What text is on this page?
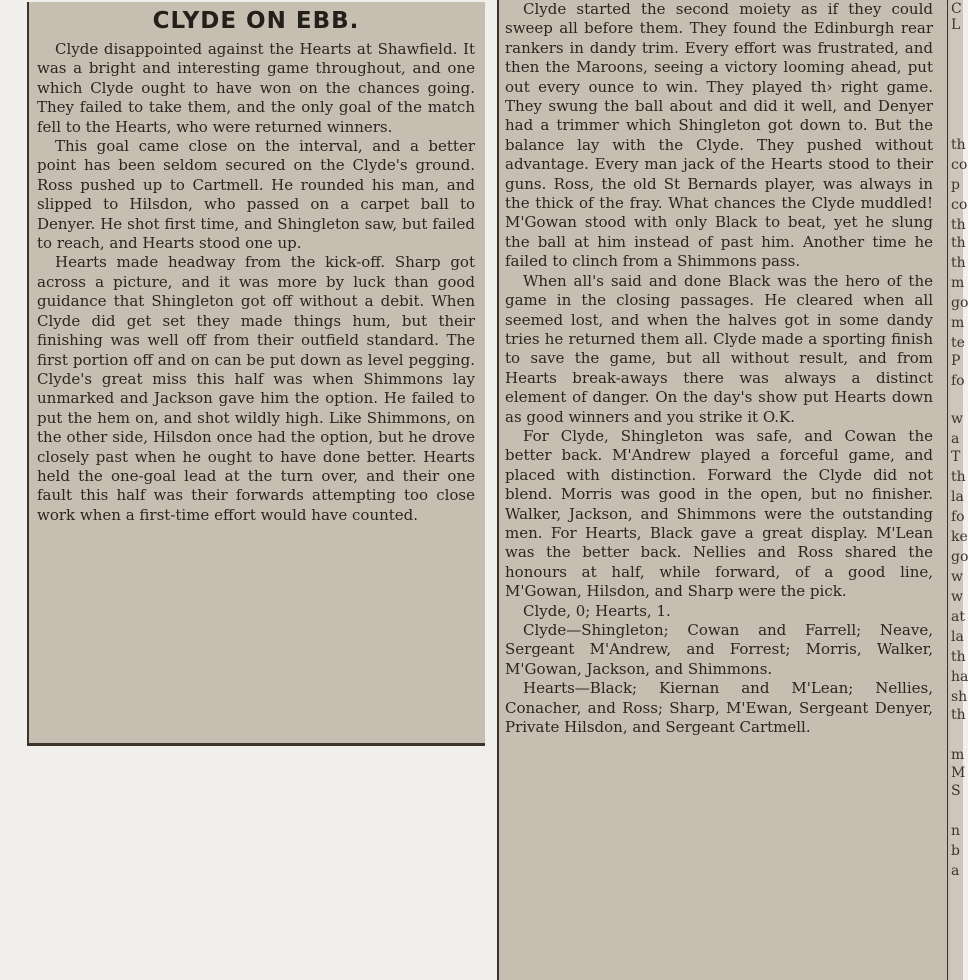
CLYDE ON EBB.

Clyde disappointed against the Hearts at Shawfield. It was a bright and interesting game throughout, and one which Clyde ought to have won on the chances going. They failed to take them, and the only goal of the match fell to the Hearts, who were returned winners.

This goal came close on the interval, and a better point has been seldom secured on the Clyde's ground. Ross pushed up to Cartmell. He rounded his man, and slipped to Hilsdon, who passed on a carpet ball to Denyer. He shot first time, and Shingleton saw, but failed to reach, and Hearts stood one up.

Hearts made headway from the kick-off. Sharp got across a picture, and it was more by luck than good guidance that Shingleton got off without a debit. When Clyde did get set they made things hum, but their finishing was well off from their outfield standard. The first portion off and on can be put down as level pegging. Clyde's great miss this half was when Shimmons lay unmarked and Jackson gave him the option. He failed to put the hem on, and shot wildly high. Like Shimmons, on the other side, Hilsdon once had the option, but he drove closely past when he ought to have done better. Hearts held the one-goal lead at the turn over, and their one fault this half was their forwards attempting too close work when a first-time effort would have counted.

Clyde started the second moiety as if they could sweep all before them. They found the Edinburgh rear rankers in dandy trim. Every effort was frustrated, and then the Maroons, seeing a victory looming ahead, put out every ounce to win. They played th› right game. They swung the ball about and did it well, and Denyer had a trimmer which Shingleton got down to. But the balance lay with the Clyde. They pushed without advantage. Every man jack of the Hearts stood to their guns. Ross, the old St Bernards player, was always in the thick of the fray. What chances the Clyde muddled! M'Gowan stood with only Black to beat, yet he slung the ball at him instead of past him. Another time he failed to clinch from a Shimmons pass.

When all's said and done Black was the hero of the game in the closing passages. He cleared when all seemed lost, and when the halves got in some dandy tries he returned them all. Clyde made a sporting finish to save the game, but all without result, and from Hearts break-aways there was always a distinct element of danger. On the day's show put Hearts down as good winners and you strike it O.K.

For Clyde, Shingleton was safe, and Cowan the better back. M'Andrew played a forceful game, and placed with distinction. Forward the Clyde did not blend. Morris was good in the open, but no finisher. Walker, Jackson, and Shimmons were the outstanding men. For Hearts, Black gave a great display. M'Lean was the better back. Nellies and Ross shared the honours at half, while forward, of a good line, M'Gowan, Hilsdon, and Sharp were the pick.

Clyde, 0; Hearts, 1.

Clyde—Shingleton; Cowan and Farrell; Neave, Sergeant M'Andrew, and Forrest; Morris, Walker, M'Gowan, Jackson, and Shimmons.

Hearts—Black; Kiernan and M'Lean; Nellies, Conacher, and Ross; Sharp, M'Ewan, Sergeant Denyer, Private Hilsdon, and Sergeant Cartmell.

C
L
th
co
p
co
th
th
th
m
go
m
te
P
fo
w
a
T
th
la
fo
ke
go
w
w
at
la
th
ha
sh
th
m
M
S
n
b
a
